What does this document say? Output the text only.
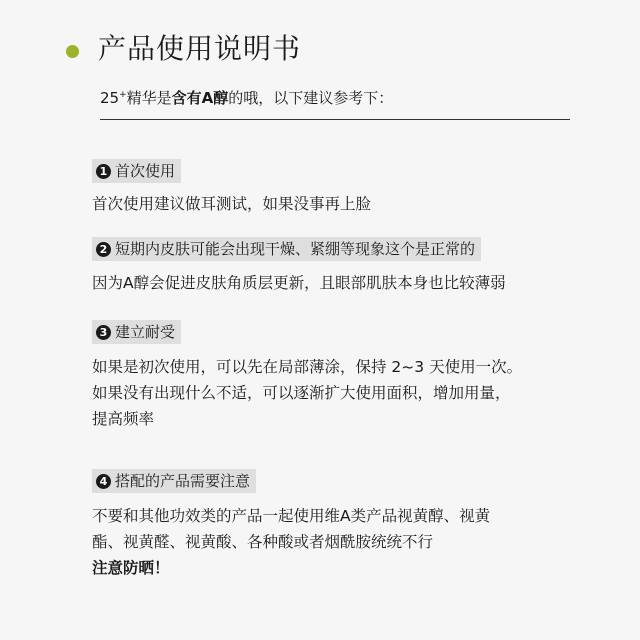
产品使用说明书
25+精华是含有A醇的哦，以下建议参考下：
1 首次使用
首次使用建议做耳测试，如果没事再上脸
2 短期内皮肤可能会出现干燥、紧绷等现象这个是正常的
因为A醇会促进皮肤角质层更新，且眼部肌肤本身也比较薄弱
3 建立耐受
如果是初次使用，可以先在局部薄涂，保持 2~3 天使用一次。
如果没有出现什么不适，可以逐渐扩大使用面积，增加用量，
提高频率
4 搭配的产品需要注意
不要和其他功效类的产品一起使用维A类产品视黄醇、视黄
酯、视黄醛、视黄酸、各种酸或者烟酰胺统统不行
注意防晒！
